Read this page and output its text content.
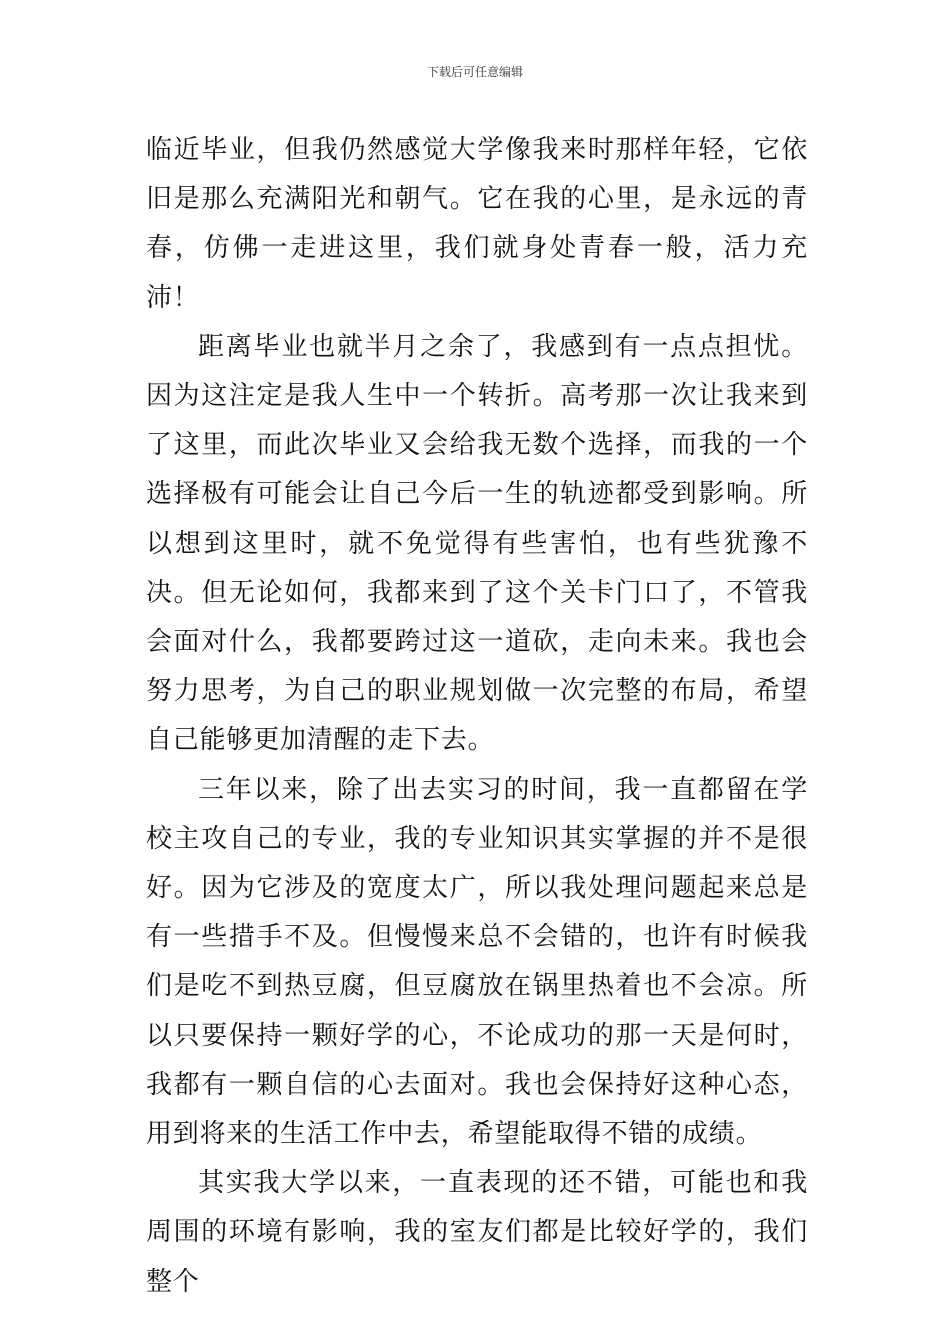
下载后可任意编辑

临近毕业，但我仍然感觉大学像我来时那样年轻，它依旧是那么充满阳光和朝气。它在我的心里，是永远的青春，仿佛一走进这里，我们就身处青春一般，活力充沛！

距离毕业也就半月之余了，我感到有一点点担忧。因为这注定是我人生中一个转折。高考那一次让我来到了这里，而此次毕业又会给我无数个选择，而我的一个选择极有可能会让自己今后一生的轨迹都受到影响。所以想到这里时，就不免觉得有些害怕，也有些犹豫不决。但无论如何，我都来到了这个关卡门口了，不管我会面对什么，我都要跨过这一道砍，走向未来。我也会努力思考，为自己的职业规划做一次完整的布局，希望自己能够更加清醒的走下去。

三年以来，除了出去实习的时间，我一直都留在学校主攻自己的专业，我的专业知识其实掌握的并不是很好。因为它涉及的宽度太广，所以我处理问题起来总是有一些措手不及。但慢慢来总不会错的，也许有时候我们是吃不到热豆腐，但豆腐放在锅里热着也不会凉。所以只要保持一颗好学的心，不论成功的那一天是何时，我都有一颗自信的心去面对。我也会保持好这种心态，用到将来的生活工作中去，希望能取得不错的成绩。

其实我大学以来，一直表现的还不错，可能也和我周围的环境有影响，我的室友们都是比较好学的，我们整个
